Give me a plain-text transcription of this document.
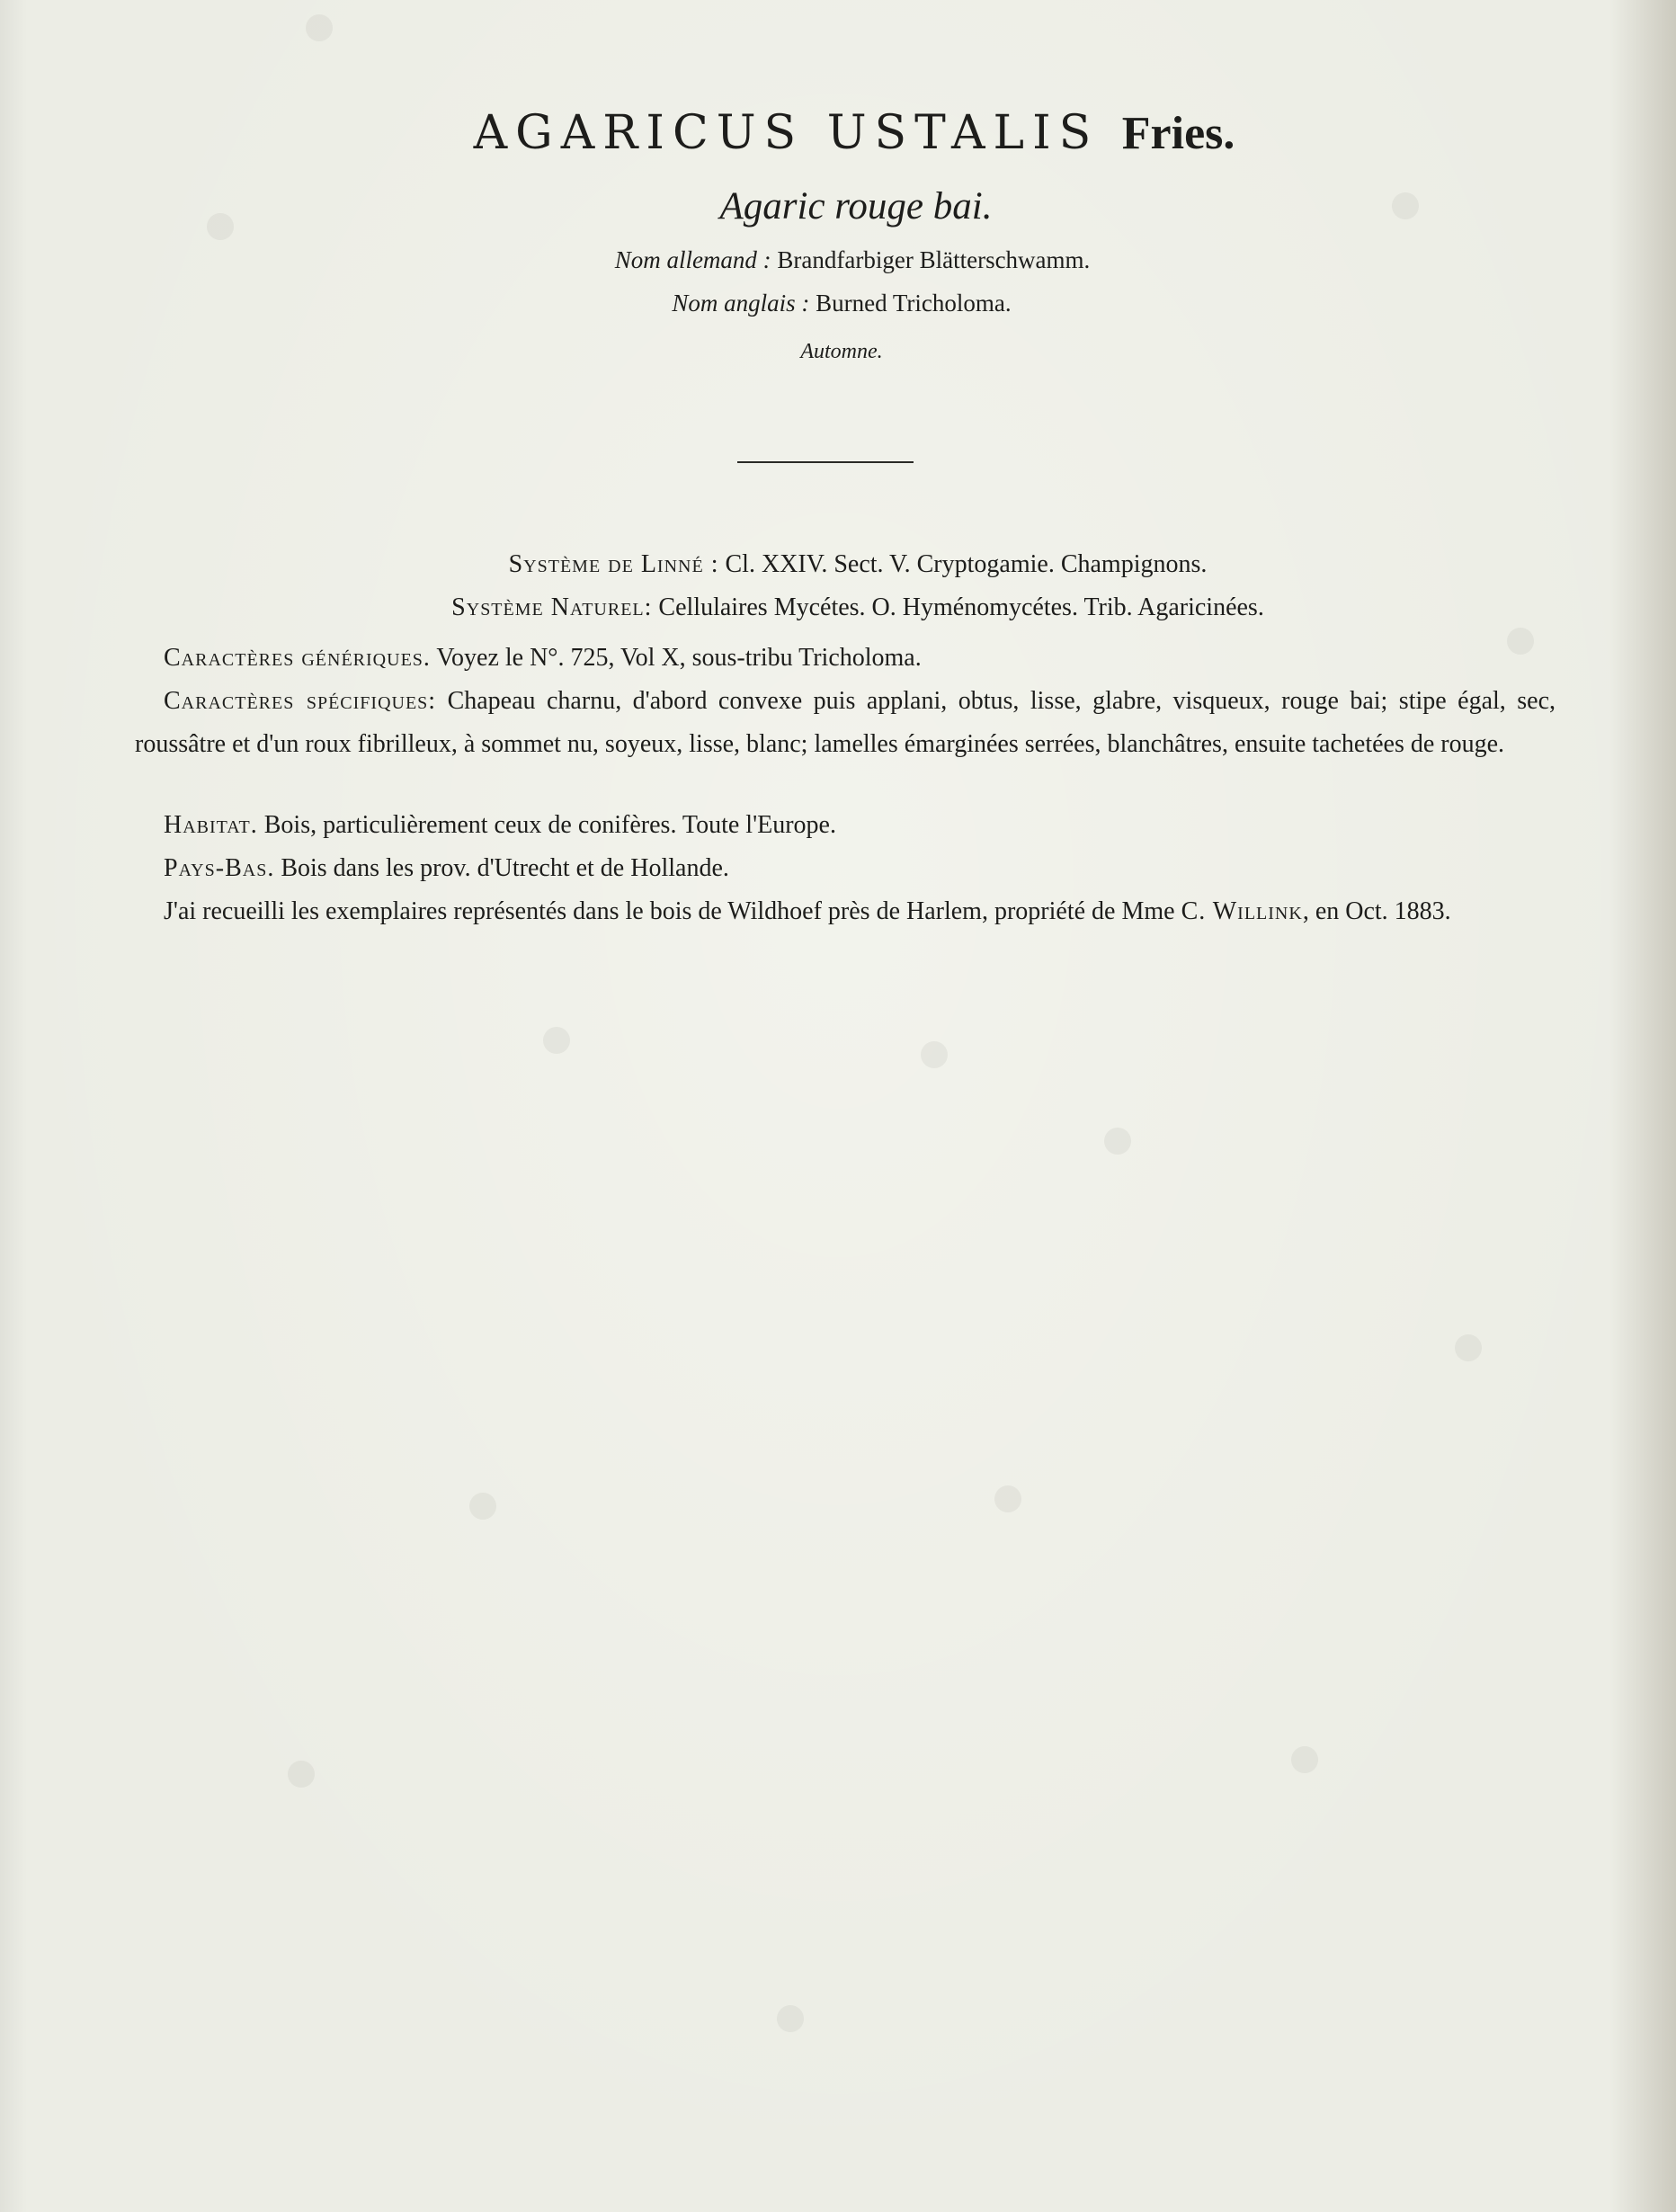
AGARICUS USTALIS Fries.
Agaric rouge bai.
Nom allemand : Brandfarbiger Blätterschwamm.
Nom anglais : Burned Tricholoma.
Automne.
Système de Linné : Cl. XXIV. Sect. V. Cryptogamie. Champignons.
Système Naturel: Cellulaires Mycétes. O. Hyménomycétes. Trib. Agaricinées.
Caractères génériques. Voyez le N°. 725, Vol X, sous-tribu Tricholoma.
Caractères spécifiques: Chapeau charnu, d'abord convexe puis applani, obtus, lisse, glabre, visqueux, rouge bai; stipe égal, sec, roussâtre et d'un roux fibrilleux, à sommet nu, soyeux, lisse, blanc; lamelles émarginées serrées, blanchâtres, ensuite tachetées de rouge.
Habitat. Bois, particulièrement ceux de conifères. Toute l'Europe.
Pays-Bas. Bois dans les prov. d'Utrecht et de Hollande.
J'ai recueilli les exemplaires représentés dans le bois de Wildhoef près de Harlem, propriété de Mme C. Willink, en Oct. 1883.
